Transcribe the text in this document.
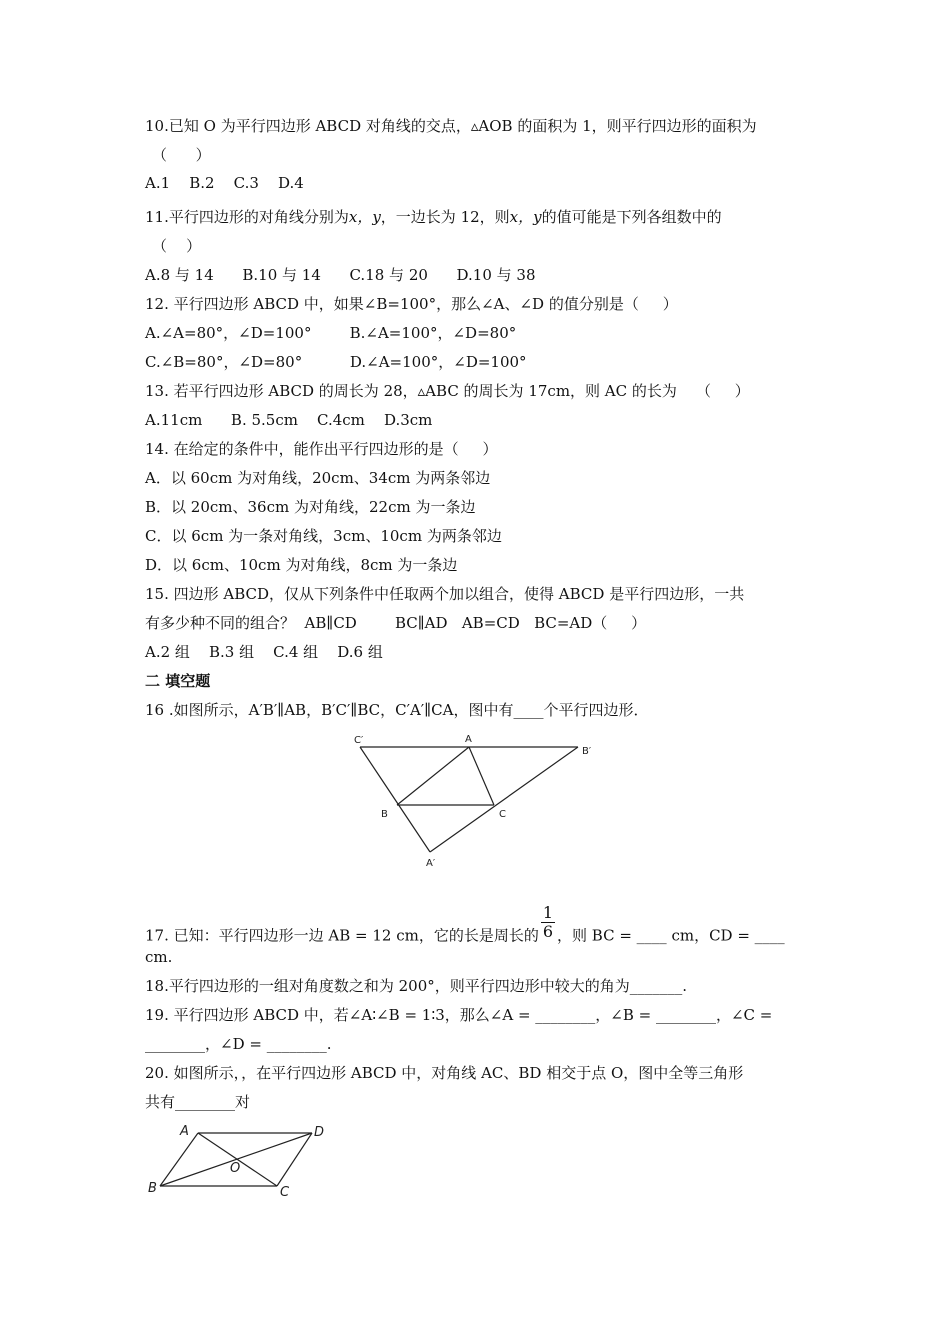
10.已知 O 为平行四边形 ABCD 对角线的交点，▵AOB 的面积为 1，则平行四边形的面积为
（      ）
A.1    B.2    C.3    D.4
11.平行四边形的对角线分别为x，y，一边长为 12，则x，y的值可能是下列各组数中的
（    ）
A.8 与 14      B.10 与 14      C.18 与 20      D.10 与 38
12. 平行四边形 ABCD 中，如果∠B=100°，那么∠A、∠D 的值分别是（     ）
A.∠A=80°，∠D=100°        B.∠A=100°，∠D=80°
C.∠B=80°，∠D=80°          D.∠A=100°，∠D=100°
13. 若平行四边形 ABCD 的周长为 28，▵ABC 的周长为 17cm，则 AC 的长为    （     ）
A.11cm      B. 5.5cm    C.4cm    D.3cm
14. 在给定的条件中，能作出平行四边形的是（     ）
A．以 60cm 为对角线，20cm、34cm 为两条邻边
B．以 20cm、36cm 为对角线，22cm 为一条边
C．以 6cm 为一条对角线，3cm、10cm 为两条邻边
D．以 6cm、10cm 为对角线，8cm 为一条边
15. 四边形 ABCD，仅从下列条件中任取两个加以组合，使得 ABCD 是平行四边形，一共
有多少种不同的组合？  AB∥CD        BC∥AD   AB=CD   BC=AD（     ）
A.2 组    B.3 组    C.4 组    D.6 组
二 填空题
16 .如图所示，A′B′∥AB，B′C′∥BC，C′A′∥CA，图中有____个平行四边形．
C′	A
B′
B	C
A′
17. 已知：平行四边形一边 AB = 12 cm，它的长是周长的 $\frac{1}{6}$ ，则 BC = ____ cm，CD = ____
cm.
18.平行四边形的一组对角度数之和为 200°，则平行四边形中较大的角为_______.
19. 平行四边形 ABCD 中，若∠A∶∠B = 1∶3，那么∠A = ________，∠B = ________，∠C =
________，∠D = ________.
20. 如图所示，，在平行四边形 ABCD 中，对角线 AC、BD 相交于点 O，图中全等三角形
共有________对
A	D
O
B	C
